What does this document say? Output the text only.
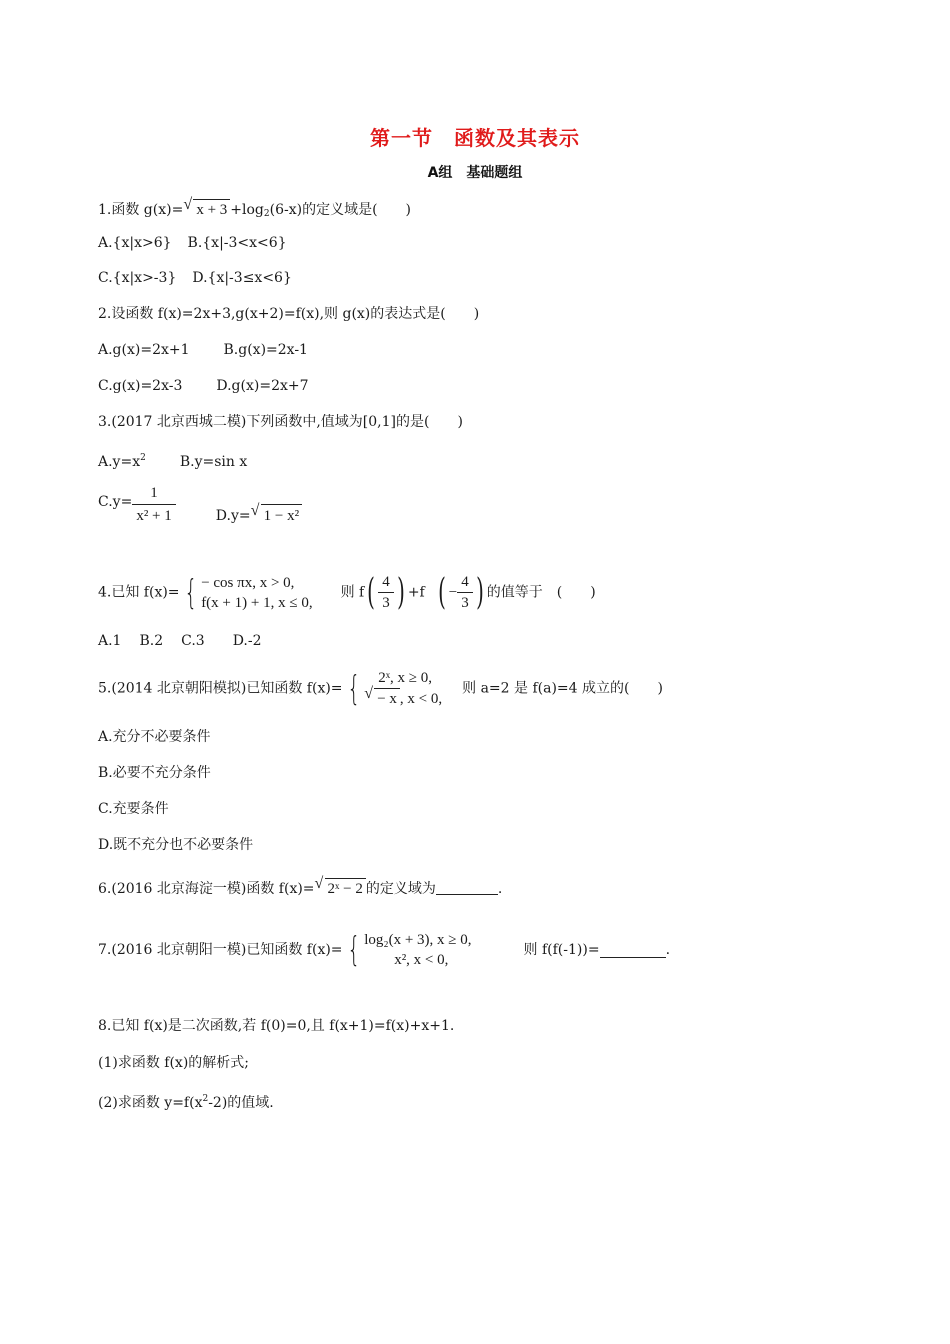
第一节　函数及其表示
A组　基础题组
1.函数 g(x)= √ $x + 3 +\log_2(6-x)$的定义域是(　　)
A.{x|x>6} B.{x|-3<x<6}
C.{x|x>-3} D.{x|-3≤x<6}
2.设函数 f(x)=2x+3,g(x+2)=f(x),则 g(x)的表达式是(　　)
A.g(x)=2x+1 B.g(x)=2x-1
C.g(x)=2x-3 D.g(x)=2x+7
3.(2017 北京西城二模)下列函数中,值域为[0,1]的是(　　)
$A.y=x^2$ B.y=sin x
$C.y= \frac{1}{\text{x² + 1}}$	D.y= √ 1 − x²
4.已知 f(x)= { − cos πx, x > 0,
f(x + 1) + 1, x ≤ 0,
则 $f( \frac{4}{3}$ ) +f ( − $\frac{4}{3}$ ) 的值等于　(　　)
A.1 B.2 C.3 D.-2
5.(2014 北京朝阳模拟)已知函数 f(x)= {	2ˣ, x ≥ 0,
√ − x , x < 0,
则 a=2 是 f(a)=4 成立的(　　)
A.充分不必要条件
B.必要不充分条件
C.充要条件
D.既不充分也不必要条件
6.(2016 北京海淀一模)函数 f(x)= √ 2ˣ − 2 的定义域为	.
7.(2016 北京朝阳一模)已知函数 f(x)= { log₂(x + 3), x ≥ 0,
x², x < 0,
则 f(f(-1))=	.
8.已知 f(x)是二次函数,若 f(0)=0,且 f(x+1)=f(x)+x+1.
(1)求函数 f(x)的解析式;
(2)求函数 $y=f(x^2-2)$的值域.
